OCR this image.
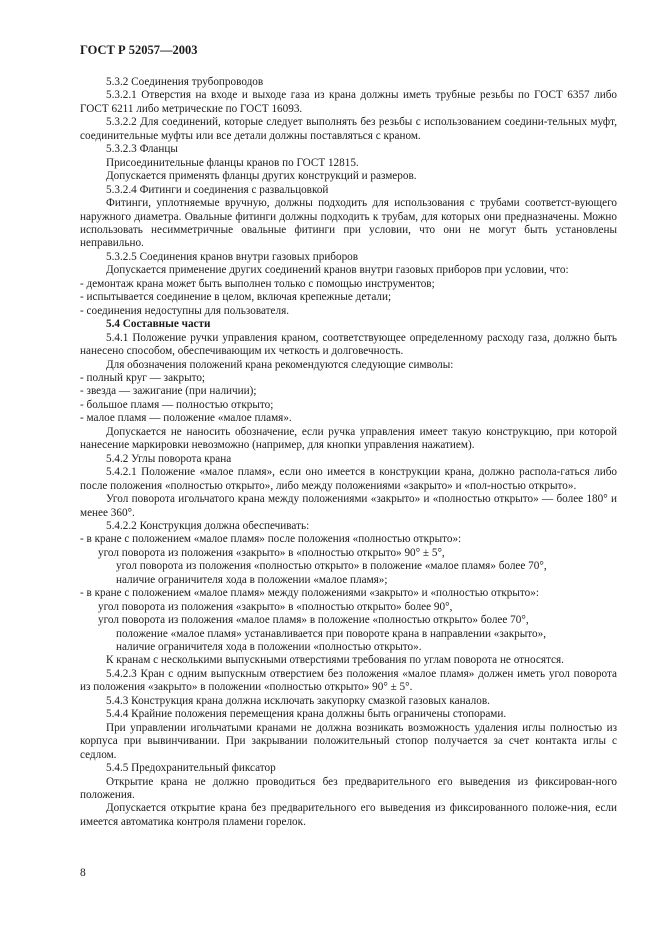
ГОСТ Р 52057—2003

5.3.2 Соединения трубопроводов

5.3.2.1 Отверстия на входе и выходе газа из крана должны иметь трубные резьбы по ГОСТ 6357 либо ГОСТ 6211 либо метрические по ГОСТ 16093.

5.3.2.2 Для соединений, которые следует выполнять без резьбы с использованием соедини-тельных муфт, соединительные муфты или все детали должны поставляться с краном.

5.3.2.3 Фланцы

Присоединительные фланцы кранов по ГОСТ 12815.

Допускается применять фланцы других конструкций и размеров.

5.3.2.4 Фитинги и соединения с развальцовкой

Фитинги, уплотняемые вручную, должны подходить для использования с трубами соответст-вующего наружного диаметра. Овальные фитинги должны подходить к трубам, для которых они предназначены. Можно использовать несимметричные овальные фитинги при условии, что они не могут быть установлены неправильно.

5.3.2.5 Соединения кранов внутри газовых приборов

Допускается применение других соединений кранов внутри газовых приборов при условии, что:

- демонтаж крана может быть выполнен только с помощью инструментов;

- испытывается соединение в целом, включая крепежные детали;

- соединения недоступны для пользователя.

5.4 Составные части

5.4.1 Положение ручки управления краном, соответствующее определенному расходу газа, должно быть нанесено способом, обеспечивающим их четкость и долговечность.

Для обозначения положений крана рекомендуются следующие символы:

- полный круг — закрыто;

- звезда — зажигание (при наличии);

- большое пламя — полностью открыто;

- малое пламя — положение «малое пламя».

Допускается не наносить обозначение, если ручка управления имеет такую конструкцию, при которой нанесение маркировки невозможно (например, для кнопки управления нажатием).

5.4.2 Углы поворота крана

5.4.2.1 Положение «малое пламя», если оно имеется в конструкции крана, должно распола-гаться либо после положения «полностью открыто», либо между положениями «закрыто» и «пол-ностью открыто».

Угол поворота игольчатого крана между положениями «закрыто» и «полностью открыто» — более 180° и менее 360°.

5.4.2.2 Конструкция должна обеспечивать:

- в кране с положением «малое пламя» после положения «полностью открыто»:

угол поворота из положения «закрыто» в «полностью открыто» 90° ± 5°,

угол поворота из положения «полностью открыто» в положение «малое пламя» более 70°,

наличие ограничителя хода в положении «малое пламя»;

- в кране с положением «малое пламя» между положениями «закрыто» и «полностью открыто»:

угол поворота из положения «закрыто» в «полностью открыто» более 90°,

угол поворота из положения «малое пламя» в положение «полностью открыто» более 70°,

положение «малое пламя» устанавливается при повороте крана в направлении «закрыто»,

наличие ограничителя хода в положении «полностью открыто».

К кранам с несколькими выпускными отверстиями требования по углам поворота не относятся.

5.4.2.3 Кран с одним выпускным отверстием без положения «малое пламя» должен иметь угол поворота из положения «закрыто» в положении «полностью открыто» 90° ± 5°.

5.4.3 Конструкция крана должна исключать закупорку смазкой газовых каналов.

5.4.4 Крайние положения перемещения крана должны быть ограничены стопорами.

При управлении игольчатыми кранами не должна возникать возможность удаления иглы полностью из корпуса при вывинчивании. При закрывании положительный стопор получается за счет контакта иглы с седлом.

5.4.5 Предохранительный фиксатор

Открытие крана не должно проводиться без предварительного его выведения из фиксирован-ного положения.

Допускается открытие крана без предварительного его выведения из фиксированного положе-ния, если имеется автоматика контроля пламени горелок.

8
